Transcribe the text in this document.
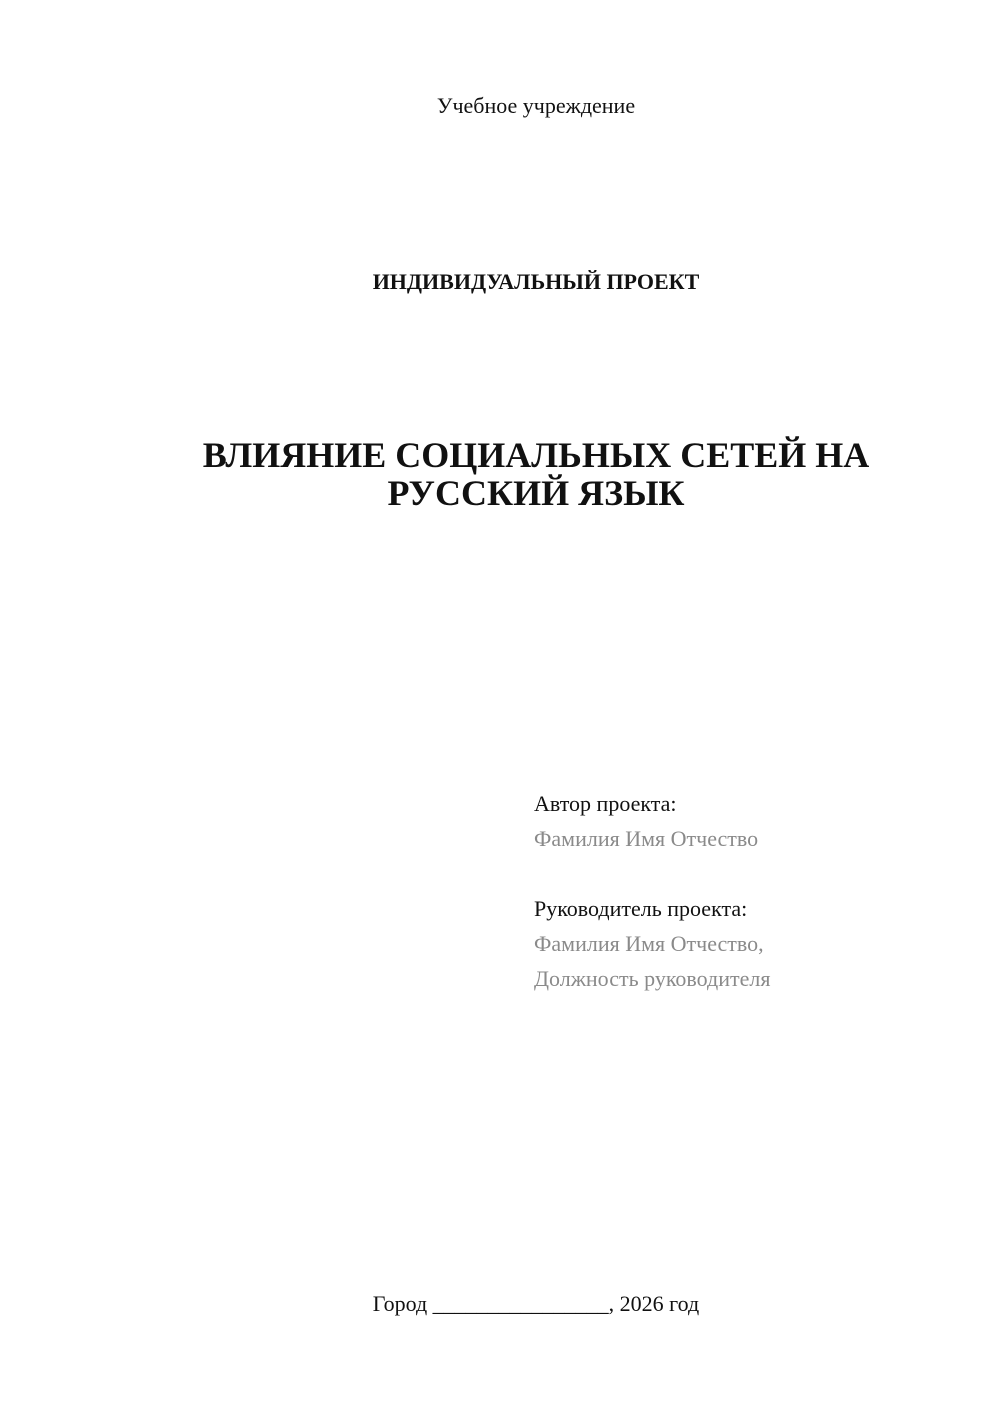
Учебное учреждение
ИНДИВИДУАЛЬНЫЙ ПРОЕКТ
ВЛИЯНИЕ СОЦИАЛЬНЫХ СЕТЕЙ НА
РУССКИЙ ЯЗЫК
Автор проекта:
Фамилия Имя Отчество
Руководитель проекта:
Фамилия Имя Отчество,
Должность руководителя
Город ________________, 2026 год
